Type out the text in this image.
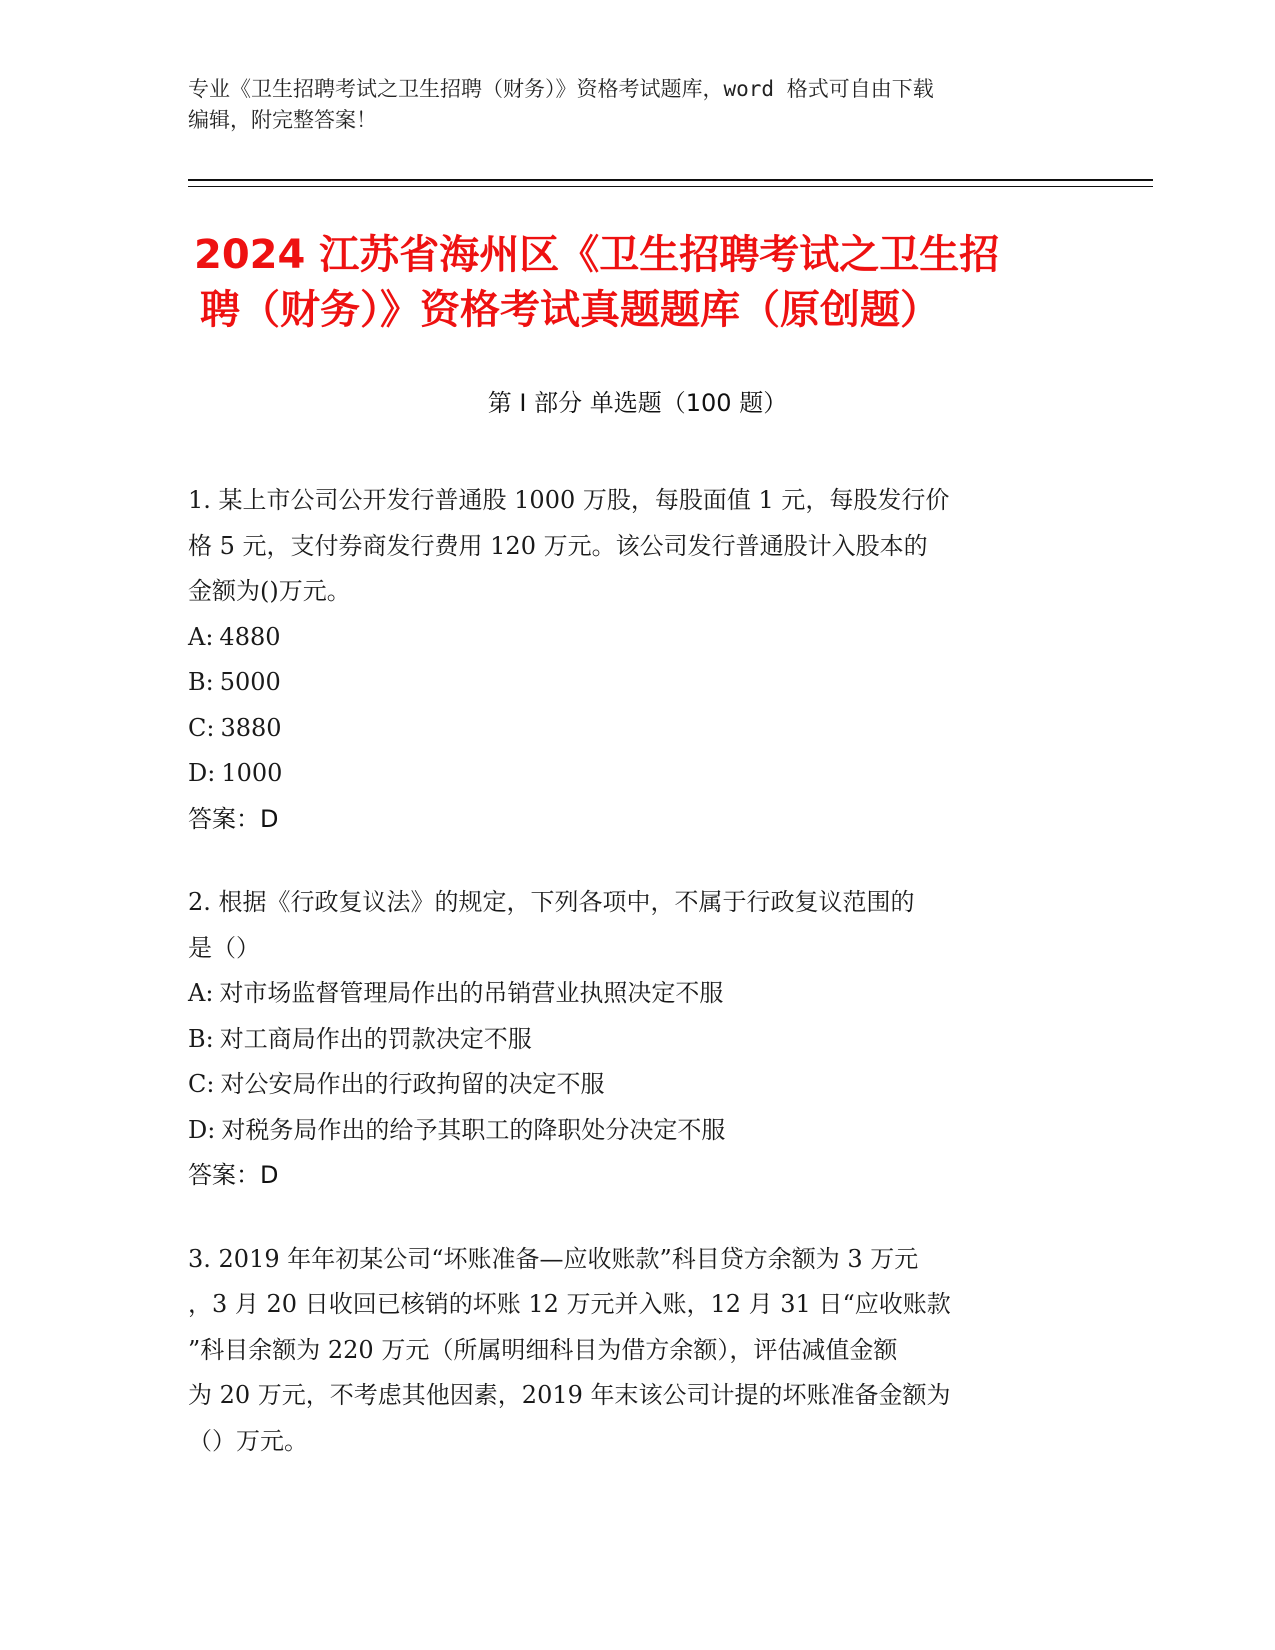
专业《卫生招聘考试之卫生招聘（财务）》资格考试题库，word 格式可自由下载
编辑，附完整答案！
2024 江苏省海州区《卫生招聘考试之卫生招
聘（财务）》资格考试真题题库（原创题）
第 I 部分 单选题（100 题）
1. 某上市公司公开发行普通股 1000 万股，每股面值 1 元，每股发行价
格 5 元，支付券商发行费用 120 万元。该公司发行普通股计入股本的
金额为()万元。
A: 4880
B: 5000
C: 3880
D: 1000
答案：D
2. 根据《行政复议法》的规定，下列各项中，不属于行政复议范围的
是（）
A: 对市场监督管理局作出的吊销营业执照决定不服
B: 对工商局作出的罚款决定不服
C: 对公安局作出的行政拘留的决定不服
D: 对税务局作出的给予其职工的降职处分决定不服
答案：D
3. 2019 年年初某公司“坏账准备—应收账款”科目贷方余额为 3 万元
，3 月 20 日收回已核销的坏账 12 万元并入账，12 月 31 日“应收账款
”科目余额为 220 万元（所属明细科目为借方余额），评估减值金额
为 20 万元，不考虑其他因素，2019 年末该公司计提的坏账准备金额为
（）万元。
